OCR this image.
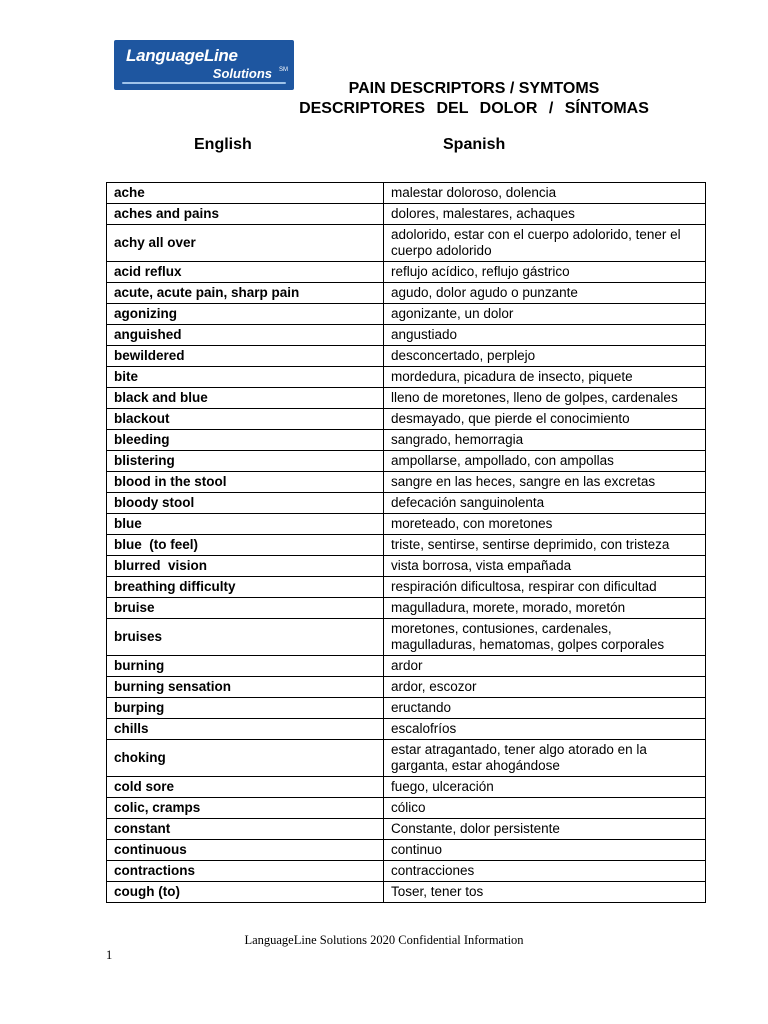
LanguageLine
Solutions SM
PAIN DESCRIPTORS / SYMTOMS
DESCRIPTORES DEL DOLOR / SÍNTOMAS
English	Spanish
ache	malestar doloroso, dolencia
aches and pains	dolores, malestares, achaques
achy all over	adolorido, estar con el cuerpo adolorido, tener el cuerpo adolorido
acid reflux	reflujo acídico, reflujo gástrico
acute, acute pain, sharp pain	agudo, dolor agudo o punzante
agonizing	agonizante, un dolor
anguished	angustiado
bewildered	desconcertado, perplejo
bite	mordedura, picadura de insecto, piquete
black and blue	lleno de moretones, lleno de golpes, cardenales
blackout	desmayado, que pierde el conocimiento
bleeding	sangrado, hemorragia
blistering	ampollarse, ampollado, con ampollas
blood in the stool	sangre en las heces, sangre en las excretas
bloody stool	defecación sanguinolenta
blue	moreteado, con moretones
blue  (to feel)	triste, sentirse, sentirse deprimido, con tristeza
blurred  vision	vista borrosa, vista empañada
breathing difficulty	respiración dificultosa, respirar con dificultad
bruise	magulladura, morete, morado, moretón
bruises	moretones, contusiones, cardenales, magulladuras, hematomas, golpes corporales
burning	ardor
burning sensation	ardor, escozor
burping	eructando
chills	escalofríos
choking	estar atragantado, tener algo atorado en la garganta, estar ahogándose
cold sore	fuego, ulceración
colic, cramps	cólico
constant	Constante, dolor persistente
continuous	continuo
contractions	contracciones
cough (to)	Toser, tener tos
LanguageLine Solutions 2020 Confidential Information
1
